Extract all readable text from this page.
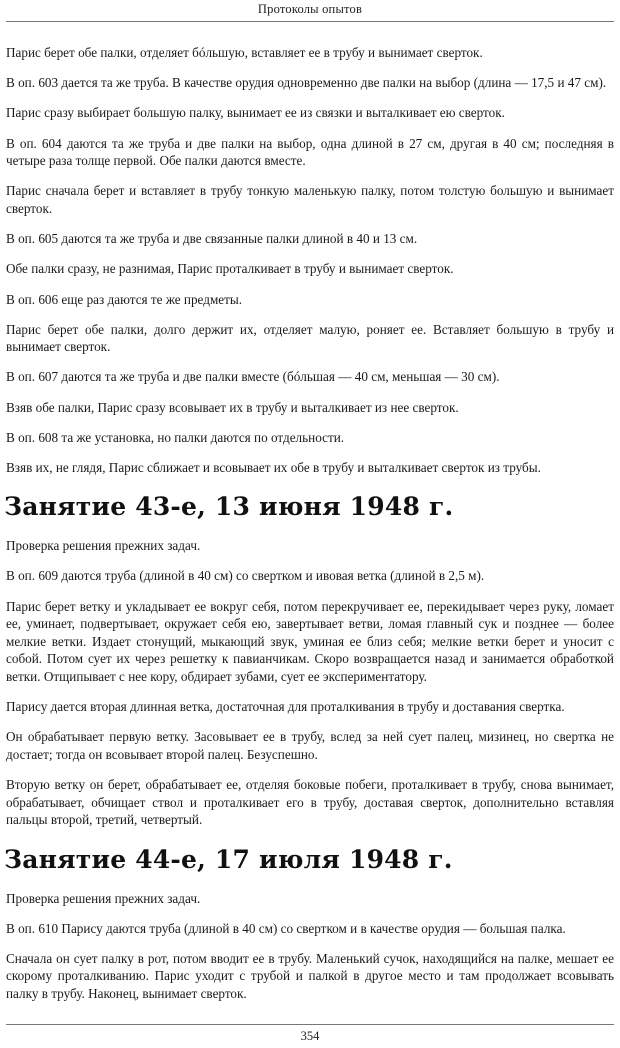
Протоколы опытов

Парис берет обе палки, отделяет бóльшую, вставляет ее в трубу и вынимает сверток.

В оп. 603 дается та же труба. В качестве орудия одновременно две палки на выбор (длина — 17,5 и 47 см).

Парис сразу выбирает большую палку, вынимает ее из связки и выталкивает ею сверток.

В оп. 604 даются та же труба и две палки на выбор, одна длиной в 27 см, другая в 40 см; последняя в четыре раза толще первой. Обе палки даются вместе.

Парис сначала берет и вставляет в трубу тонкую маленькую палку, потом толстую большую и вынимает сверток.

В оп. 605 даются та же труба и две связанные палки длиной в 40 и 13 см.

Обе палки сразу, не разнимая, Парис проталкивает в трубу и вынимает сверток.

В оп. 606 еще раз даются те же предметы.

Парис берет обе палки, долго держит их, отделяет малую, роняет ее. Вставляет большую в трубу и вынимает сверток.

В оп. 607 даются та же труба и две палки вместе (бóльшая — 40 см, меньшая — 30 см).

Взяв обе палки, Парис сразу всовывает их в трубу и выталкивает из нее сверток.

В оп. 608 та же установка, но палки даются по отдельности.

Взяв их, не глядя, Парис сближает и всовывает их обе в трубу и выталкивает сверток из трубы.

Занятие 43-е, 13 июня 1948 г.

Проверка решения прежних задач.

В оп. 609 даются труба (длиной в 40 см) со свертком и ивовая ветка (длиной в 2,5 м).

Парис берет ветку и укладывает ее вокруг себя, потом перекручивает ее, перекидывает через руку, ломает ее, уминает, подвертывает, окружает себя ею, завертывает ветви, ломая главный сук и позднее — более мелкие ветки. Издает стонущий, мыкающий звук, уминая ее близ себя; мелкие ветки берет и уносит с собой. Потом сует их через решетку к павианчикам. Скоро возвращается назад и занимается обработкой ветки. Отщипывает с нее кору, обдирает зубами, сует ее экспериментатору.

Парису дается вторая длинная ветка, достаточная для проталкивания в трубу и доставания свертка.

Он обрабатывает первую ветку. Засовывает ее в трубу, вслед за ней сует палец, мизинец, но свертка не достает; тогда он всовывает второй палец. Безуспешно.

Вторую ветку он берет, обрабатывает ее, отделяя боковые побеги, проталкивает в трубу, снова вынимает, обрабатывает, обчищает ствол и проталкивает его в трубу, доставая сверток, дополнительно вставляя пальцы второй, третий, четвертый.

Занятие 44-е, 17 июля 1948 г.

Проверка решения прежних задач.

В оп. 610 Парису даются труба (длиной в 40 см) со свертком и в качестве орудия — большая палка.

Сначала он сует палку в рот, потом вводит ее в трубу. Маленький сучок, находящийся на палке, мешает ее скорому проталкиванию. Парис уходит с трубой и палкой в другое место и там продолжает всовывать палку в трубу. Наконец, вынимает сверток.

354
